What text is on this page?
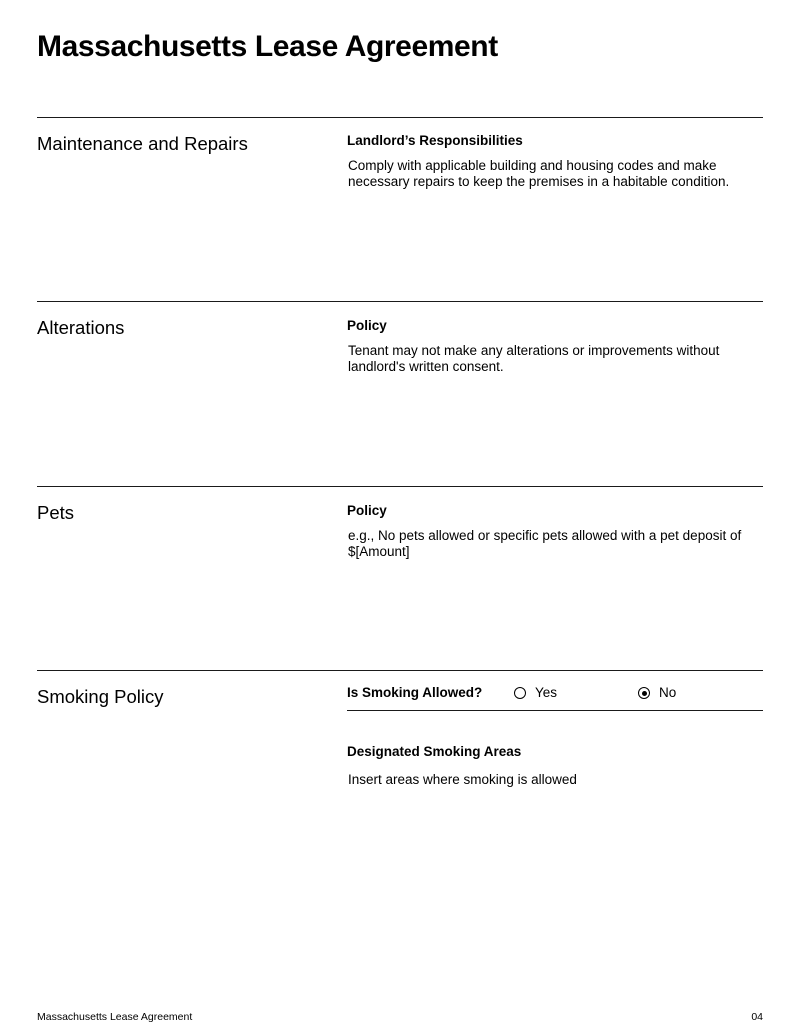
Massachusetts Lease Agreement
Maintenance and Repairs	Landlord’s Responsibilities
Comply with applicable building and housing codes and make necessary repairs to keep the premises in a habitable condition.
Alterations	Policy
Tenant may not make any alterations or improvements without landlord's written consent.
Pets	Policy
e.g., No pets allowed or specific pets allowed with a pet deposit of $[Amount]
Smoking Policy	Is Smoking Allowed?	Yes	No
Designated Smoking Areas
Insert areas where smoking is allowed
Massachusetts Lease Agreement	04
